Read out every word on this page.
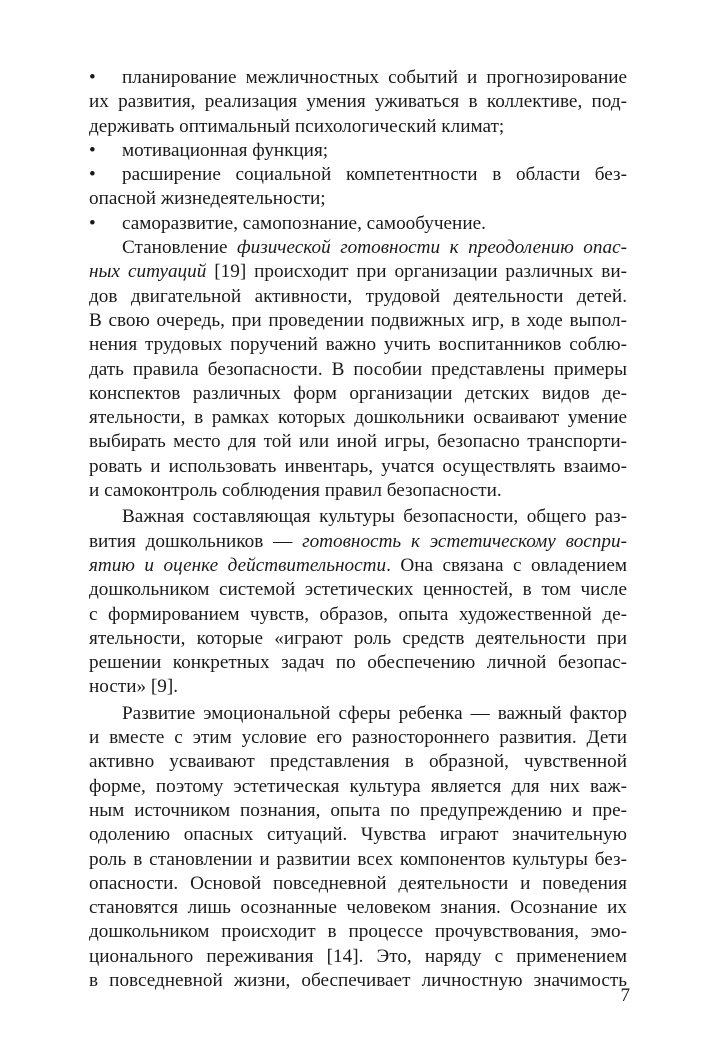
• планирование межличностных событий и прогнозирование
их развития, реализация умения уживаться в коллективе, под-
держивать оптимальный психологический климат;
• мотивационная функция;
• расширение социальной компетентности в области без-
опасной жизнедеятельности;
• саморазвитие, самопознание, самообучение.
Становление физической готовности к преодолению опас-
ных ситуаций [19] происходит при организации различных ви-
дов двигательной активности, трудовой деятельности детей.
В свою очередь, при проведении подвижных игр, в ходе выпол-
нения трудовых поручений важно учить воспитанников соблю-
дать правила безопасности. В пособии представлены примеры
конспектов различных форм организации детских видов де-
ятельности, в рамках которых дошкольники осваивают умение
выбирать место для той или иной игры, безопасно транспорти-
ровать и использовать инвентарь, учатся осуществлять взаимо-
и самоконтроль соблюдения правил безопасности.
Важная составляющая культуры безопасности, общего раз-
вития дошкольников — готовность к эстетическому воспри-
ятию и оценке действительности. Она связана с овладением
дошкольником системой эстетических ценностей, в том числе
с формированием чувств, образов, опыта художественной де-
ятельности, которые «играют роль средств деятельности при
решении конкретных задач по обеспечению личной безопас-
ности» [9].
Развитие эмоциональной сферы ребенка — важный фактор
и вместе с этим условие его разностороннего развития. Дети
активно усваивают представления в образной, чувственной
форме, поэтому эстетическая культура является для них важ-
ным источником познания, опыта по предупреждению и пре-
одолению опасных ситуаций. Чувства играют значительную
роль в становлении и развитии всех компонентов культуры без-
опасности. Основой повседневной деятельности и поведения
становятся лишь осознанные человеком знания. Осознание их
дошкольником происходит в процессе прочувствования, эмо-
ционального переживания [14]. Это, наряду с применением
в повседневной жизни, обеспечивает личностную значимость
7
